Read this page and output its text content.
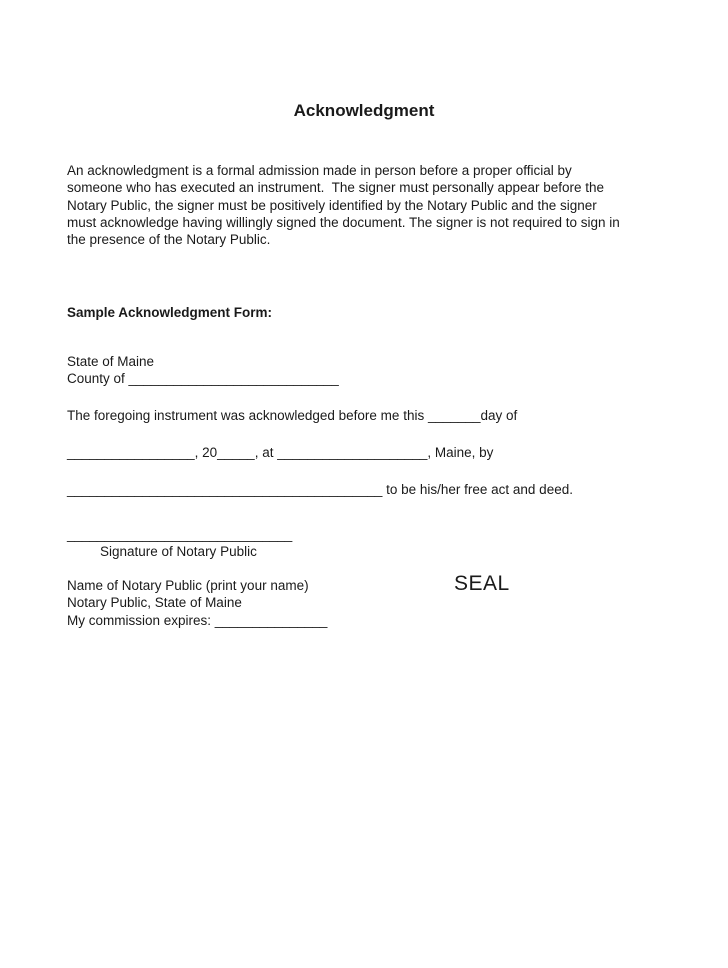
Acknowledgment
An acknowledgment is a formal admission made in person before a proper official by
someone who has executed an instrument.  The signer must personally appear before the
Notary Public, the signer must be positively identified by the Notary Public and the signer
must acknowledge having willingly signed the document. The signer is not required to sign in
the presence of the Notary Public.
Sample Acknowledgment Form:
State of Maine
County of ____________________________
The foregoing instrument was acknowledged before me this _______day of
_________________, 20_____, at ____________________, Maine, by
__________________________________________ to be his/her free act and deed.
______________________________
Signature of Notary Public
Name of Notary Public (print your name)
Notary Public, State of Maine
My commission expires: _______________
SEAL
